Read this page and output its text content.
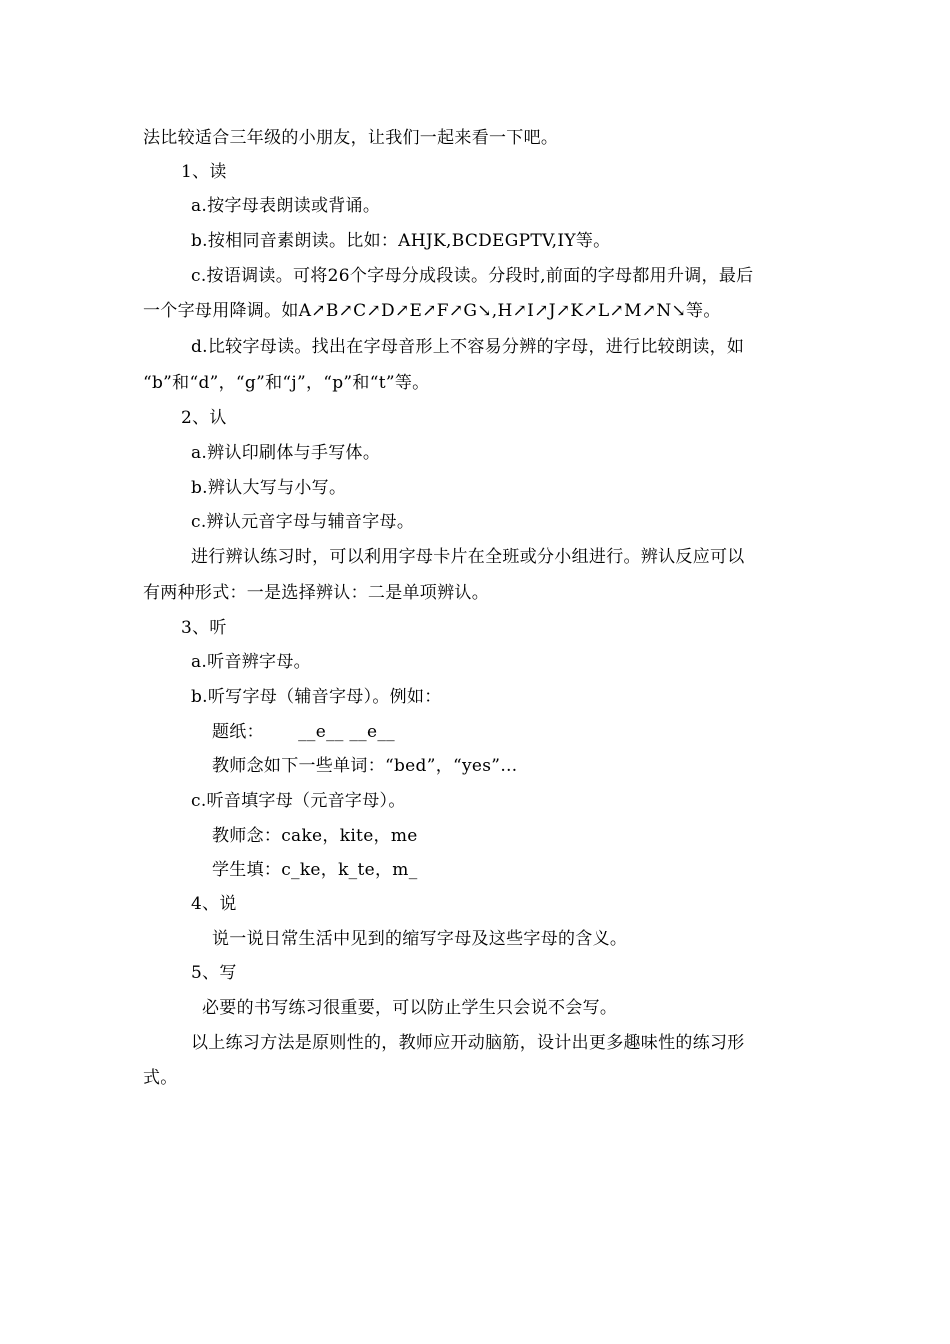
法比较适合三年级的小朋友，让我们一起来看一下吧。
1、读
a.按字母表朗读或背诵。
b.按相同音素朗读。比如：AHJK,BCDEGPTV,IY等。
c.按语调读。可将26个字母分成段读。分段时,前面的字母都用升调，最后
一个字母用降调。如A↗B↗C↗D↗E↗F↗G↘,H↗I↗J↗K↗L↗M↗N↘等。
d.比较字母读。找出在字母音形上不容易分辨的字母，进行比较朗读，如
“b”和“d”，“g”和“j”，“p”和“t”等。
2、认
a.辨认印刷体与手写体。
b.辨认大写与小写。
c.辨认元音字母与辅音字母。
进行辨认练习时，可以利用字母卡片在全班或分小组进行。辨认反应可以
有两种形式：一是选择辨认：二是单项辨认。
3、听
a.听音辨字母。
b.听写字母（辅音字母）。例如：
题纸：      __e__ __e__
教师念如下一些单词：“bed”，“yes”…
c.听音填字母（元音字母）。
教师念：cake，kite，me
学生填：c_ke，k_te，m_
4、说
说一说日常生活中见到的缩写字母及这些字母的含义。
5、写
必要的书写练习很重要，可以防止学生只会说不会写。
以上练习方法是原则性的，教师应开动脑筋，设计出更多趣味性的练习形
式。
